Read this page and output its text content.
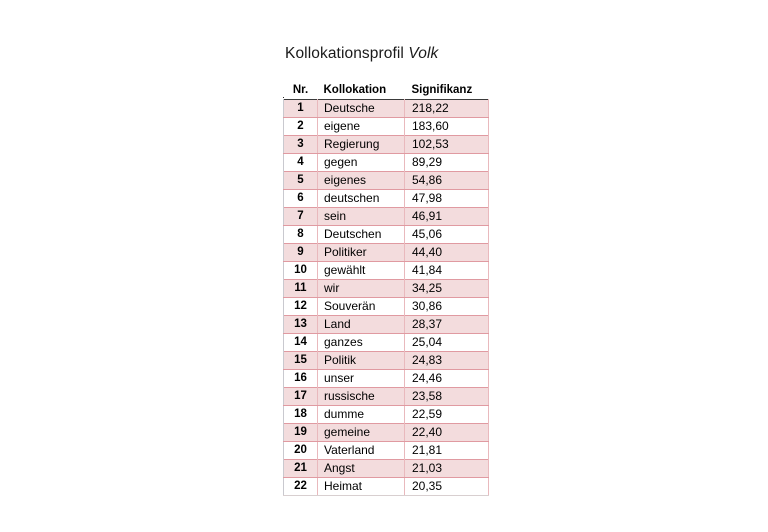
Kollokationsprofil Volk
Nr.	Kollokation	Signifikanz
1	Deutsche	218,22
2	eigene	183,60
3	Regierung	102,53
4	gegen	89,29
5	eigenes	54,86
6	deutschen	47,98
7	sein	46,91
8	Deutschen	45,06
9	Politiker	44,40
10	gewählt	41,84
11	wir	34,25
12	Souverän	30,86
13	Land	28,37
14	ganzes	25,04
15	Politik	24,83
16	unser	24,46
17	russische	23,58
18	dumme	22,59
19	gemeine	22,40
20	Vaterland	21,81
21	Angst	21,03
22	Heimat	20,35
